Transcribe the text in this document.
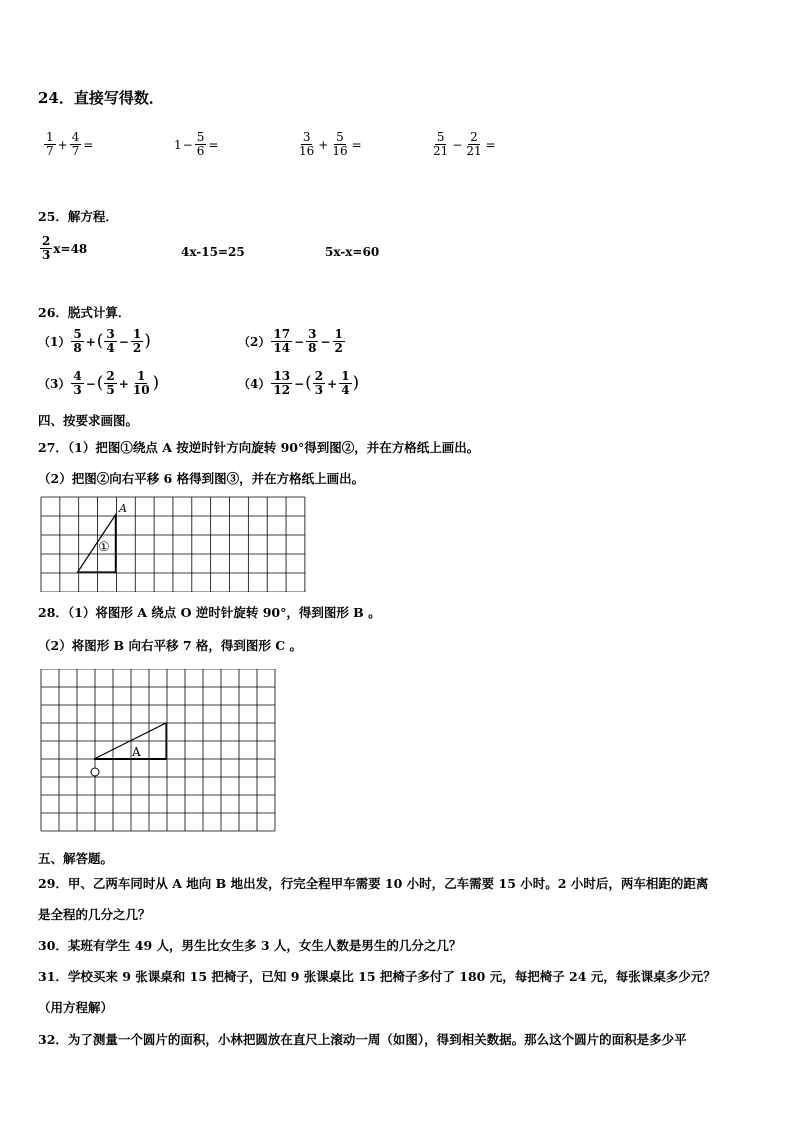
24．直接写得数．
$\frac{1}{7} + \frac{4}{7}$ =	$1 - \frac{5}{6}$ =	$\frac{3}{16} + \frac{5}{16}$ =	$\frac{5}{21} - \frac{2}{21}$ =
25．解方程．
$\frac{2}{3} x=48$	4x-15=25	5x-x=60
26．脱式计算．
$(1) \frac{5}{8}$ + ( $\frac{3}{4} - \frac{1}{2}$ )	$(2) \frac{17}{14} - \frac{3}{8} - \frac{1}{2}$
$(3) \frac{4}{3}$ − ( $\frac{2}{5} + \frac{1}{10}$ )	$(4) \frac{13}{12}$ − ( $\frac{2}{3} + \frac{1}{4}$ )
四、按要求画图。
27．（1）把图①绕点 A 按逆时针方向旋转 90°得到图②，并在方格纸上画出。
（2）把图②向右平移 6 格得到图③，并在方格纸上画出。
A
①
28．（1）将图形 A 绕点 O 逆时针旋转 90°，得到图形 B 。
（2）将图形 B 向右平移 7 格，得到图形 C 。
A
五、解答题。
29．甲、乙两车同时从 A 地向 B 地出发，行完全程甲车需要 10 小时，乙车需要 15 小时。2 小时后，两车相距的距离
是全程的几分之几？
30．某班有学生 49 人，男生比女生多 3 人，女生人数是男生的几分之几？
31．学校买来 9 张课桌和 15 把椅子，已知 9 张课桌比 15 把椅子多付了 180 元，每把椅子 24 元，每张课桌多少元？
（用方程解）
32．为了测量一个圆片的面积，小林把圆放在直尺上滚动一周（如图），得到相关数据。那么这个圆片的面积是多少平
